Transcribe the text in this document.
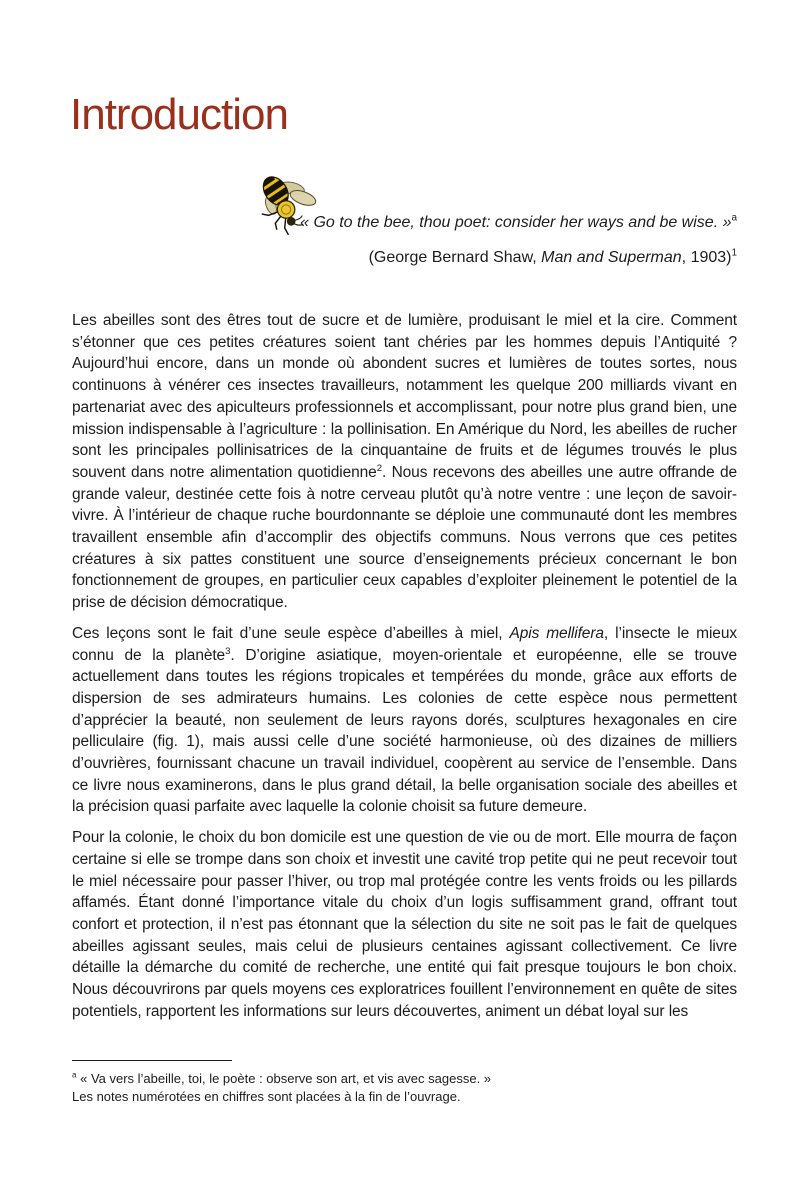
Introduction
« Go to the bee, thou poet: consider her ways and be wise. »$^a$
(George Bernard Shaw, Man and Superman, 1903)$^1$

Les abeilles sont des êtres tout de sucre et de lumière, produisant le miel et la cire. Comment s’étonner que ces petites créatures soient tant chéries par les hommes depuis l’Antiquité ? Aujourd’hui encore, dans un monde où abondent sucres et lumières de toutes sortes, nous continuons à vénérer ces insectes travailleurs, notamment les quelque 200 milliards vivant en partenariat avec des apiculteurs professionnels et accomplissant, pour notre plus grand bien, une mission indispensable à l’agriculture : la pollinisation. En Amérique du Nord, les abeilles de rucher sont les principales pollinisatrices de la cinquantaine de fruits et de légumes trouvés le plus souvent dans notre alimentation quotidienne$^2$. Nous recevons des abeilles une autre offrande de grande valeur, destinée cette fois à notre cerveau plutôt qu’à notre ventre : une leçon de savoir-vivre. À l’intérieur de chaque ruche bourdonnante se déploie une communauté dont les membres travaillent ensemble afin d’accomplir des objectifs communs. Nous verrons que ces petites créatures à six pattes constituent une source d’enseignements précieux concernant le bon fonctionnement de groupes, en particulier ceux capables d’exploiter pleinement le potentiel de la prise de décision démocratique.

Ces leçons sont le fait d’une seule espèce d’abeilles à miel, Apis mellifera, l’insecte le mieux connu de la planète$^3$. D’origine asiatique, moyen-orientale et européenne, elle se trouve actuellement dans toutes les régions tropicales et tempérées du monde, grâce aux efforts de dispersion de ses admirateurs humains. Les colonies de cette espèce nous permettent d’apprécier la beauté, non seulement de leurs rayons dorés, sculptures hexagonales en cire pelliculaire (fig. 1), mais aussi celle d’une société harmonieuse, où des dizaines de milliers d’ouvrières, fournissant chacune un travail individuel, coopèrent au service de l’ensemble. Dans ce livre nous examinerons, dans le plus grand détail, la belle organisation sociale des abeilles et la précision quasi parfaite avec laquelle la colonie choisit sa future demeure.

Pour la colonie, le choix du bon domicile est une question de vie ou de mort. Elle mourra de façon certaine si elle se trompe dans son choix et investit une cavité trop petite qui ne peut recevoir tout le miel nécessaire pour passer l’hiver, ou trop mal protégée contre les vents froids ou les pillards affamés. Étant donné l’importance vitale du choix d’un logis suffisamment grand, offrant tout confort et protection, il n’est pas étonnant que la sélection du site ne soit pas le fait de quelques abeilles agissant seules, mais celui de plusieurs centaines agissant collectivement. Ce livre détaille la démarche du comité de recherche, une entité qui fait presque toujours le bon choix. Nous découvrirons par quels moyens ces exploratrices fouillent l’environnement en quête de sites potentiels, rapportent les informations sur leurs découvertes, animent un débat loyal sur les

$^a$ « Va vers l’abeille, toi, le poète : observe son art, et vis avec sagesse. »
Les notes numérotées en chiffres sont placées à la fin de l’ouvrage.
